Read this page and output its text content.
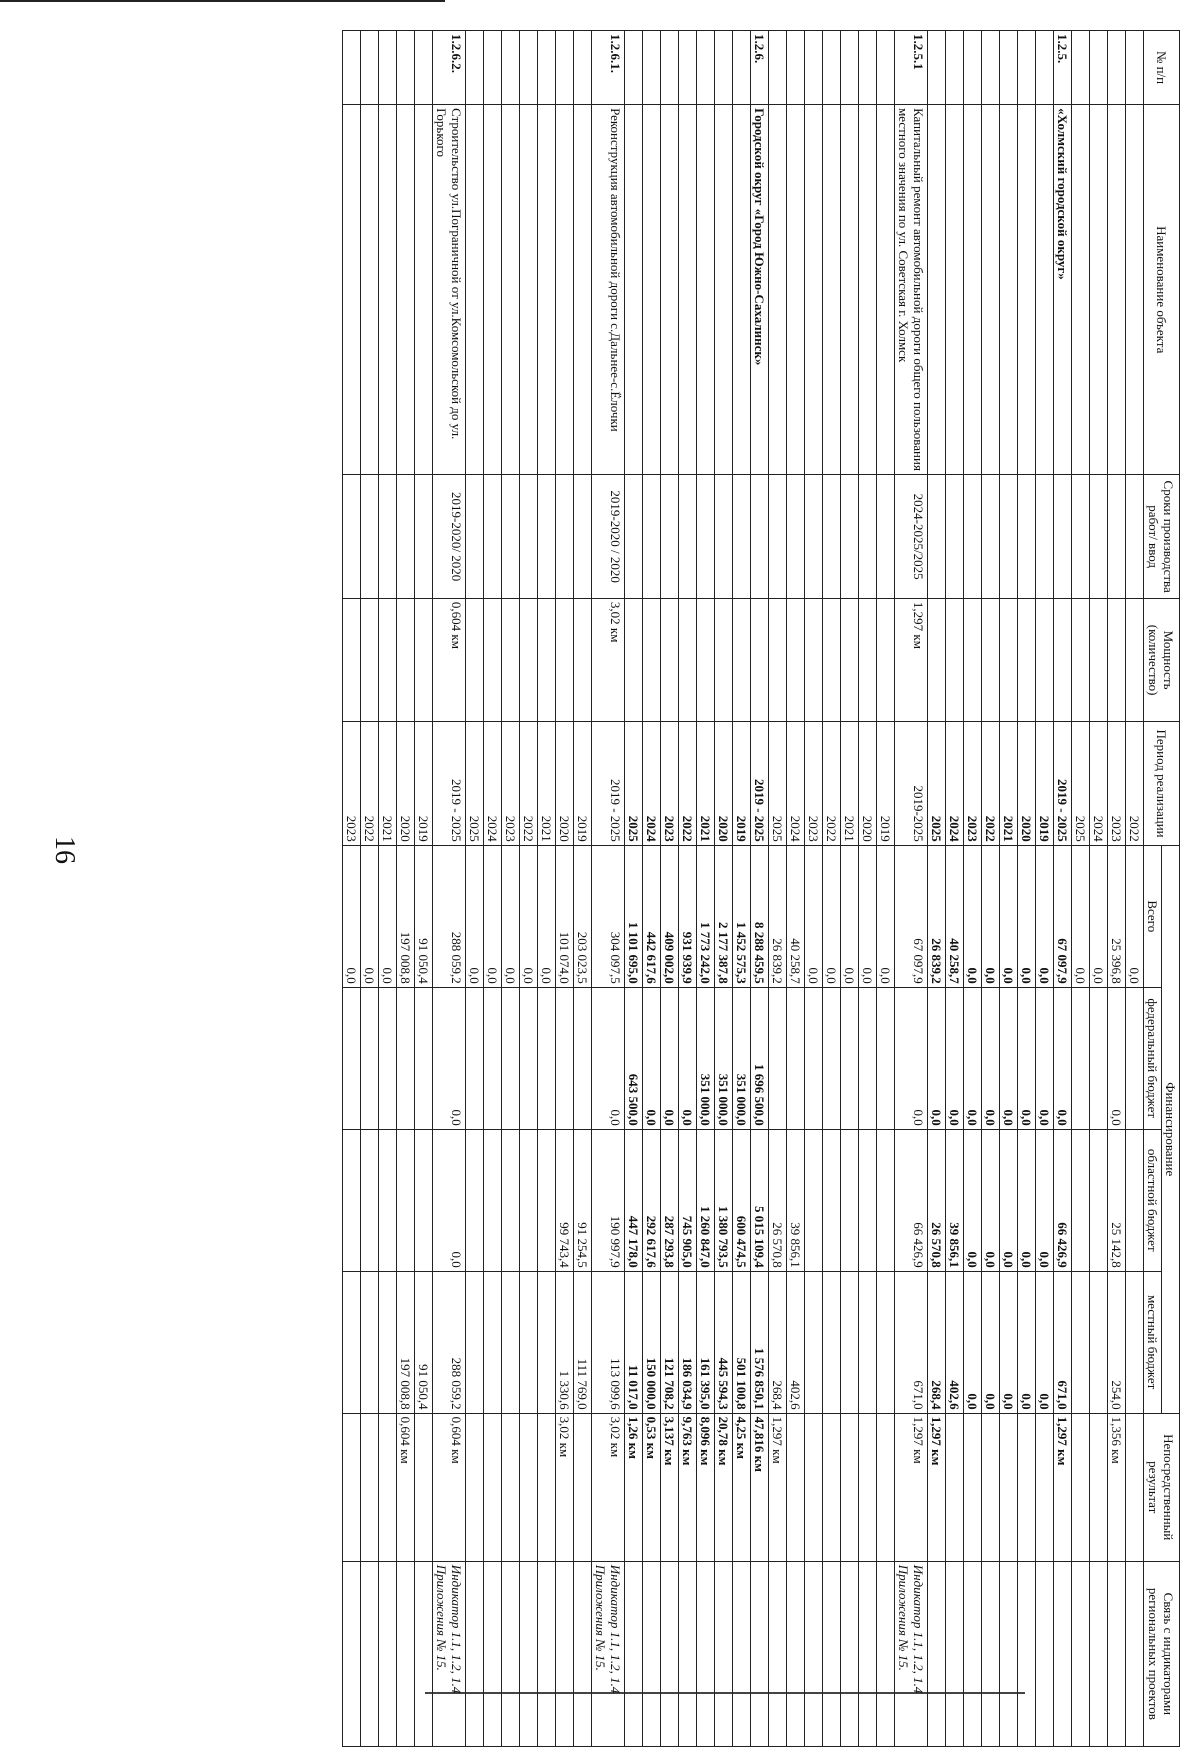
16
№ п/п	Наименование объекта	Сроки производства работ/ ввод	Мощность (количество)	Период реализации	Финансирование				Непосредственный результат	Связь с индикаторами региональных проектов
					Всего	федеральный бюджет	областной бюджет	местный бюджет		
				2022	0,0					
				2023	25 396,8	0,0	25 142,8	254,0	1,356 км	
				2024	0,0					
				2025	0,0					
1.2.5.	«Холмский городской округ»			2019 - 2025	67 097,9	0,0	66 426,9	671,0	1,297 км	
				2019	0,0	0,0	0,0	0,0		
				2020	0,0	0,0	0,0	0,0		
				2021	0,0	0,0	0,0	0,0		
				2022	0,0	0,0	0,0	0,0		
				2023	0,0	0,0	0,0	0,0		
				2024	40 258,7	0,0	39 856,1	402,6		
				2025	26 839,2	0,0	26 570,8	268,4	1,297 км	
1.2.5.1	Капитальный ремонт автомобильной дороги общего пользования местного значения по ул. Советская г. Холмск	2024-2025/2025	1,297 км	2019-2025	67 097,9	0,0	66 426,9	671,0	1,297 км	Индикатор 1.1, 1.2, 1.4 Приложения № 15.
				2019	0,0					
				2020	0,0					
				2021	0,0					
				2022	0,0					
				2023	0,0					
				2024	40 258,7		39 856,1	402,6		
				2025	26 839,2		26 570,8	268,4	1,297 км	
1.2.6.	Городской округ «Город Южно-Сахалинск»			2019 - 2025	8 288 459,5	1 696 500,0	5 015 109,4	1 576 850,1	47,816 км	
				2019	1 452 575,3	351 000,0	600 474,5	501 100,8	4,25 км	
				2020	2 177 387,8	351 000,0	1 380 793,5	445 594,3	20,78 км	
				2021	1 773 242,0	351 000,0	1 260 847,0	161 395,0	8,096 км	
				2022	931 939,9	0,0	745 905,0	186 034,9	9,763 км	
				2023	409 002,0	0,0	287 293,8	121 708,2	3,137 км	
				2024	442 617,6	0,0	292 617,6	150 000,0	0,53 км	
				2025	1 101 695,0	643 500,0	447 178,0	11 017,0	1,26 км	
1.2.6.1.	Реконструкция автомобильной дороги с.Дальнее-с.Ёлочки	2019-2020 / 2020	3,02 км	2019 - 2025	304 097,5	0,0	190 997,9	113 099,6	3,02 км	Индикатор 1.1, 1.2, 1.4 Приложения № 15.
				2019	203 023,5		91 254,5	111 769,0		
				2020	101 074,0		99 743,4	1 330,6	3,02 км	
				2021	0,0					
				2022	0,0					
				2023	0,0					
				2024	0,0					
				2025	0,0					
1.2.6.2.	Строительство ул.Пограничной от ул.Комсомольской до ул. Горького	2019-2020/ 2020	0,604 км	2019 - 2025	288 059,2	0,0	0,0	288 059,2	0,604 км	Индикатор 1.1, 1.2, 1.4 Приложения № 15.
				2019	91 050,4			91 050,4		
				2020	197 008,8			197 008,8	0,604 км	
				2021	0,0					
				2022	0,0					
				2023	0,0					
